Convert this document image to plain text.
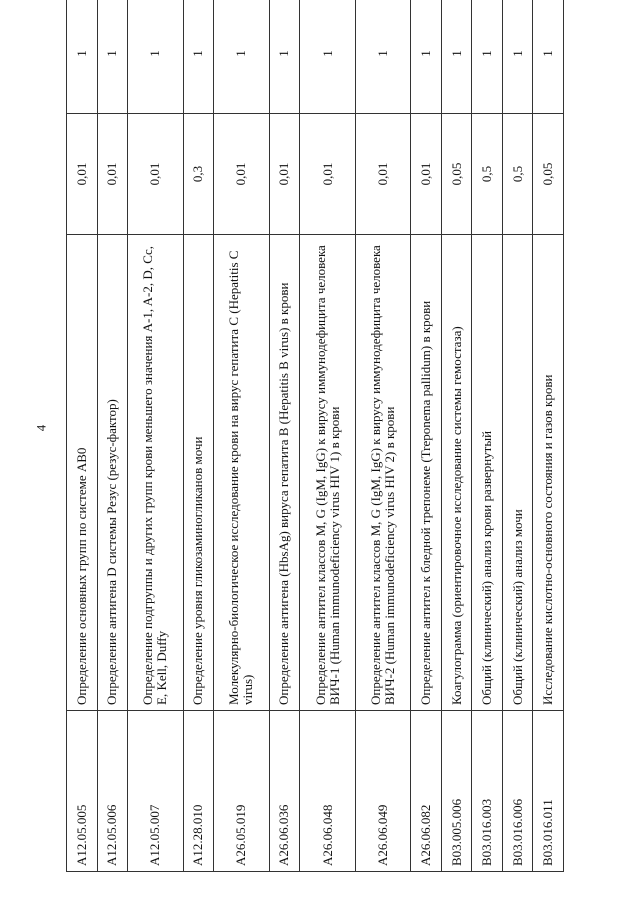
4
A12.05.005	Определение основных групп по системе AB0	0,01	1
A12.05.006	Определение антигена D системы Резус (резус-фактор)	0,01	1
A12.05.007	Определение подгруппы и других групп крови меньшего значения A-1, A-2, D, Cc, E, Kell, Duffy	0,01	1
A12.28.010	Определение уровня гликозаминогликанов мочи	0,3	1
A26.05.019	Молекулярно-биологическое исследование крови на вирус гепатита C (Hepatitis C virus)	0,01	1
A26.06.036	Определение антигена (HbsAg) вируса гепатита B (Hepatitis B virus) в крови	0,01	1
A26.06.048	Определение антител классов M, G (IgM, IgG) к вирусу иммунодефицита человека ВИЧ-1 (Human immunodeficiency virus HIV 1) в крови	0,01	1
A26.06.049	Определение антител классов M, G (IgM, IgG) к вирусу иммунодефицита человека ВИЧ-2 (Human immunodeficiency virus HIV 2) в крови	0,01	1
A26.06.082	Определение антител к бледной трепонеме (Treponema pallidum) в крови	0,01	1
B03.005.006	Коагулограмма (ориентировочное исследование системы гемостаза)	0,05	1
B03.016.003	Общий (клинический) анализ крови развернутый	0,5	1
B03.016.006	Общий (клинический) анализ мочи	0,5	1
B03.016.011	Исследование кислотно-основного состояния и газов крови	0,05	1
